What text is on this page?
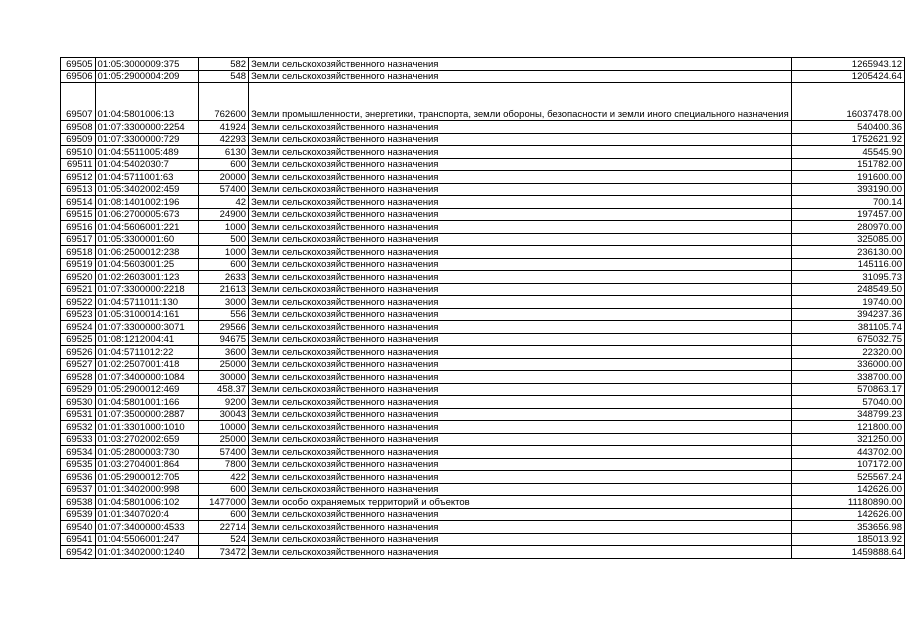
69505	01:05:3000009:375	582	Земли сельскохозяйственного назначения	1265943.12
69506	01:05:2900004:209	548	Земли сельскохозяйственного назначения	1205424.64
69507	01:04:5801006:13	762600	Земли промышленности, энергетики, транспорта, земли обороны, безопасности и земли иного специального назначения	16037478.00
69508	01:07:3300000:2254	41924	Земли сельскохозяйственного назначения	540400.36
69509	01:07:3300000:729	42293	Земли сельскохозяйственного назначения	1752621.92
69510	01:04:5511005:489	6130	Земли сельскохозяйственного назначения	45545.90
69511	01:04:5402030:7	600	Земли сельскохозяйственного назначения	151782.00
69512	01:04:5711001:63	20000	Земли сельскохозяйственного назначения	191600.00
69513	01:05:3402002:459	57400	Земли сельскохозяйственного назначения	393190.00
69514	01:08:1401002:196	42	Земли сельскохозяйственного назначения	700.14
69515	01:06:2700005:673	24900	Земли сельскохозяйственного назначения	197457.00
69516	01:04:5606001:221	1000	Земли сельскохозяйственного назначения	280970.00
69517	01:05:3300001:60	500	Земли сельскохозяйственного назначения	325085.00
69518	01:06:2500012:238	1000	Земли сельскохозяйственного назначения	236130.00
69519	01:04:5603001:25	600	Земли сельскохозяйственного назначения	145116.00
69520	01:02:2603001:123	2633	Земли сельскохозяйственного назначения	31095.73
69521	01:07:3300000:2218	21613	Земли сельскохозяйственного назначения	248549.50
69522	01:04:5711011:130	3000	Земли сельскохозяйственного назначения	19740.00
69523	01:05:3100014:161	556	Земли сельскохозяйственного назначения	394237.36
69524	01:07:3300000:3071	29566	Земли сельскохозяйственного назначения	381105.74
69525	01:08:1212004:41	94675	Земли сельскохозяйственного назначения	675032.75
69526	01:04:5711012:22	3600	Земли сельскохозяйственного назначения	22320.00
69527	01:02:2507001:418	25000	Земли сельскохозяйственного назначения	336000.00
69528	01:07:3400000:1084	30000	Земли сельскохозяйственного назначения	338700.00
69529	01:05:2900012:469	458.37	Земли сельскохозяйственного назначения	570863.17
69530	01:04:5801001:166	9200	Земли сельскохозяйственного назначения	57040.00
69531	01:07:3500000:2887	30043	Земли сельскохозяйственного назначения	348799.23
69532	01:01:3301000:1010	10000	Земли сельскохозяйственного назначения	121800.00
69533	01:03:2702002:659	25000	Земли сельскохозяйственного назначения	321250.00
69534	01:05:2800003:730	57400	Земли сельскохозяйственного назначения	443702.00
69535	01:03:2704001:864	7800	Земли сельскохозяйственного назначения	107172.00
69536	01:05:2900012:705	422	Земли сельскохозяйственного назначения	525567.24
69537	01:01:3402000:998	600	Земли сельскохозяйственного назначения	142626.00
69538	01:04:5801006:102	1477000	Земли особо охраняемых территорий и объектов	11180890.00
69539	01:01:3407020:4	600	Земли сельскохозяйственного назначения	142626.00
69540	01:07:3400000:4533	22714	Земли сельскохозяйственного назначения	353656.98
69541	01:04:5506001:247	524	Земли сельскохозяйственного назначения	185013.92
69542	01:01:3402000:1240	73472	Земли сельскохозяйственного назначения	1459888.64
